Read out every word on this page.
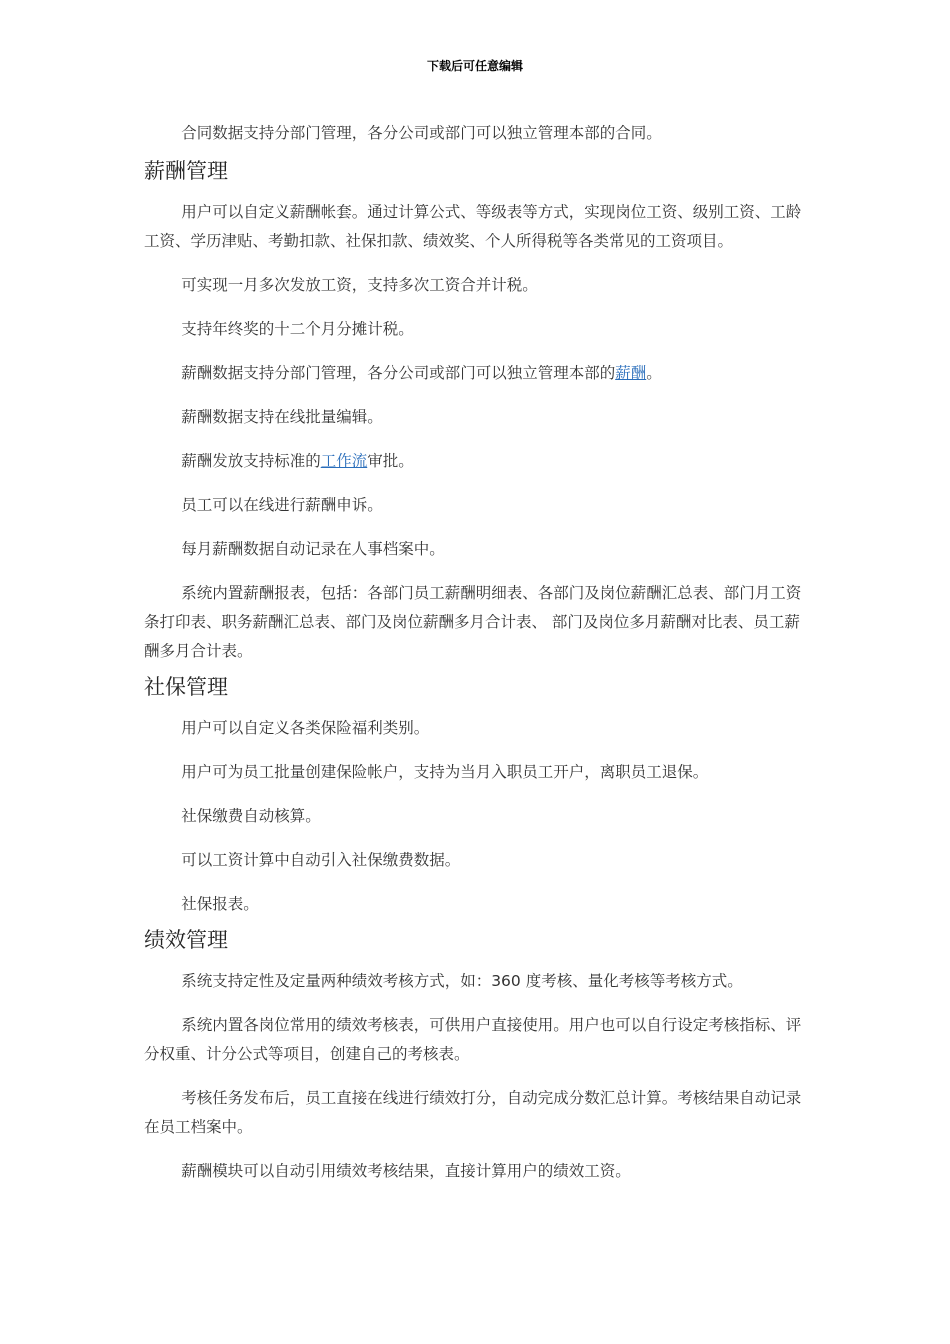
下载后可任意编辑

合同数据支持分部门管理，各分公司或部门可以独立管理本部的合同。

薪酬管理

用户可以自定义薪酬帐套。通过计算公式、等级表等方式，实现岗位工资、级别工资、工龄工资、学历津贴、考勤扣款、社保扣款、绩效奖、个人所得税等各类常见的工资项目。

可实现一月多次发放工资，支持多次工资合并计税。

支持年终奖的十二个月分摊计税。

薪酬数据支持分部门管理，各分公司或部门可以独立管理本部的薪酬。

薪酬数据支持在线批量编辑。

薪酬发放支持标准的工作流审批。

员工可以在线进行薪酬申诉。

每月薪酬数据自动记录在人事档案中。

系统内置薪酬报表，包括：各部门员工薪酬明细表、各部门及岗位薪酬汇总表、部门月工资条打印表、职务薪酬汇总表、部门及岗位薪酬多月合计表、 部门及岗位多月薪酬对比表、员工薪酬多月合计表。

社保管理

用户可以自定义各类保险福利类别。

用户可为员工批量创建保险帐户，支持为当月入职员工开户，离职员工退保。

社保缴费自动核算。

可以工资计算中自动引入社保缴费数据。

社保报表。

绩效管理

系统支持定性及定量两种绩效考核方式，如：360 度考核、量化考核等考核方式。

系统内置各岗位常用的绩效考核表，可供用户直接使用。用户也可以自行设定考核指标、评分权重、计分公式等项目，创建自己的考核表。

考核任务发布后，员工直接在线进行绩效打分，自动完成分数汇总计算。考核结果自动记录在员工档案中。

薪酬模块可以自动引用绩效考核结果，直接计算用户的绩效工资。
